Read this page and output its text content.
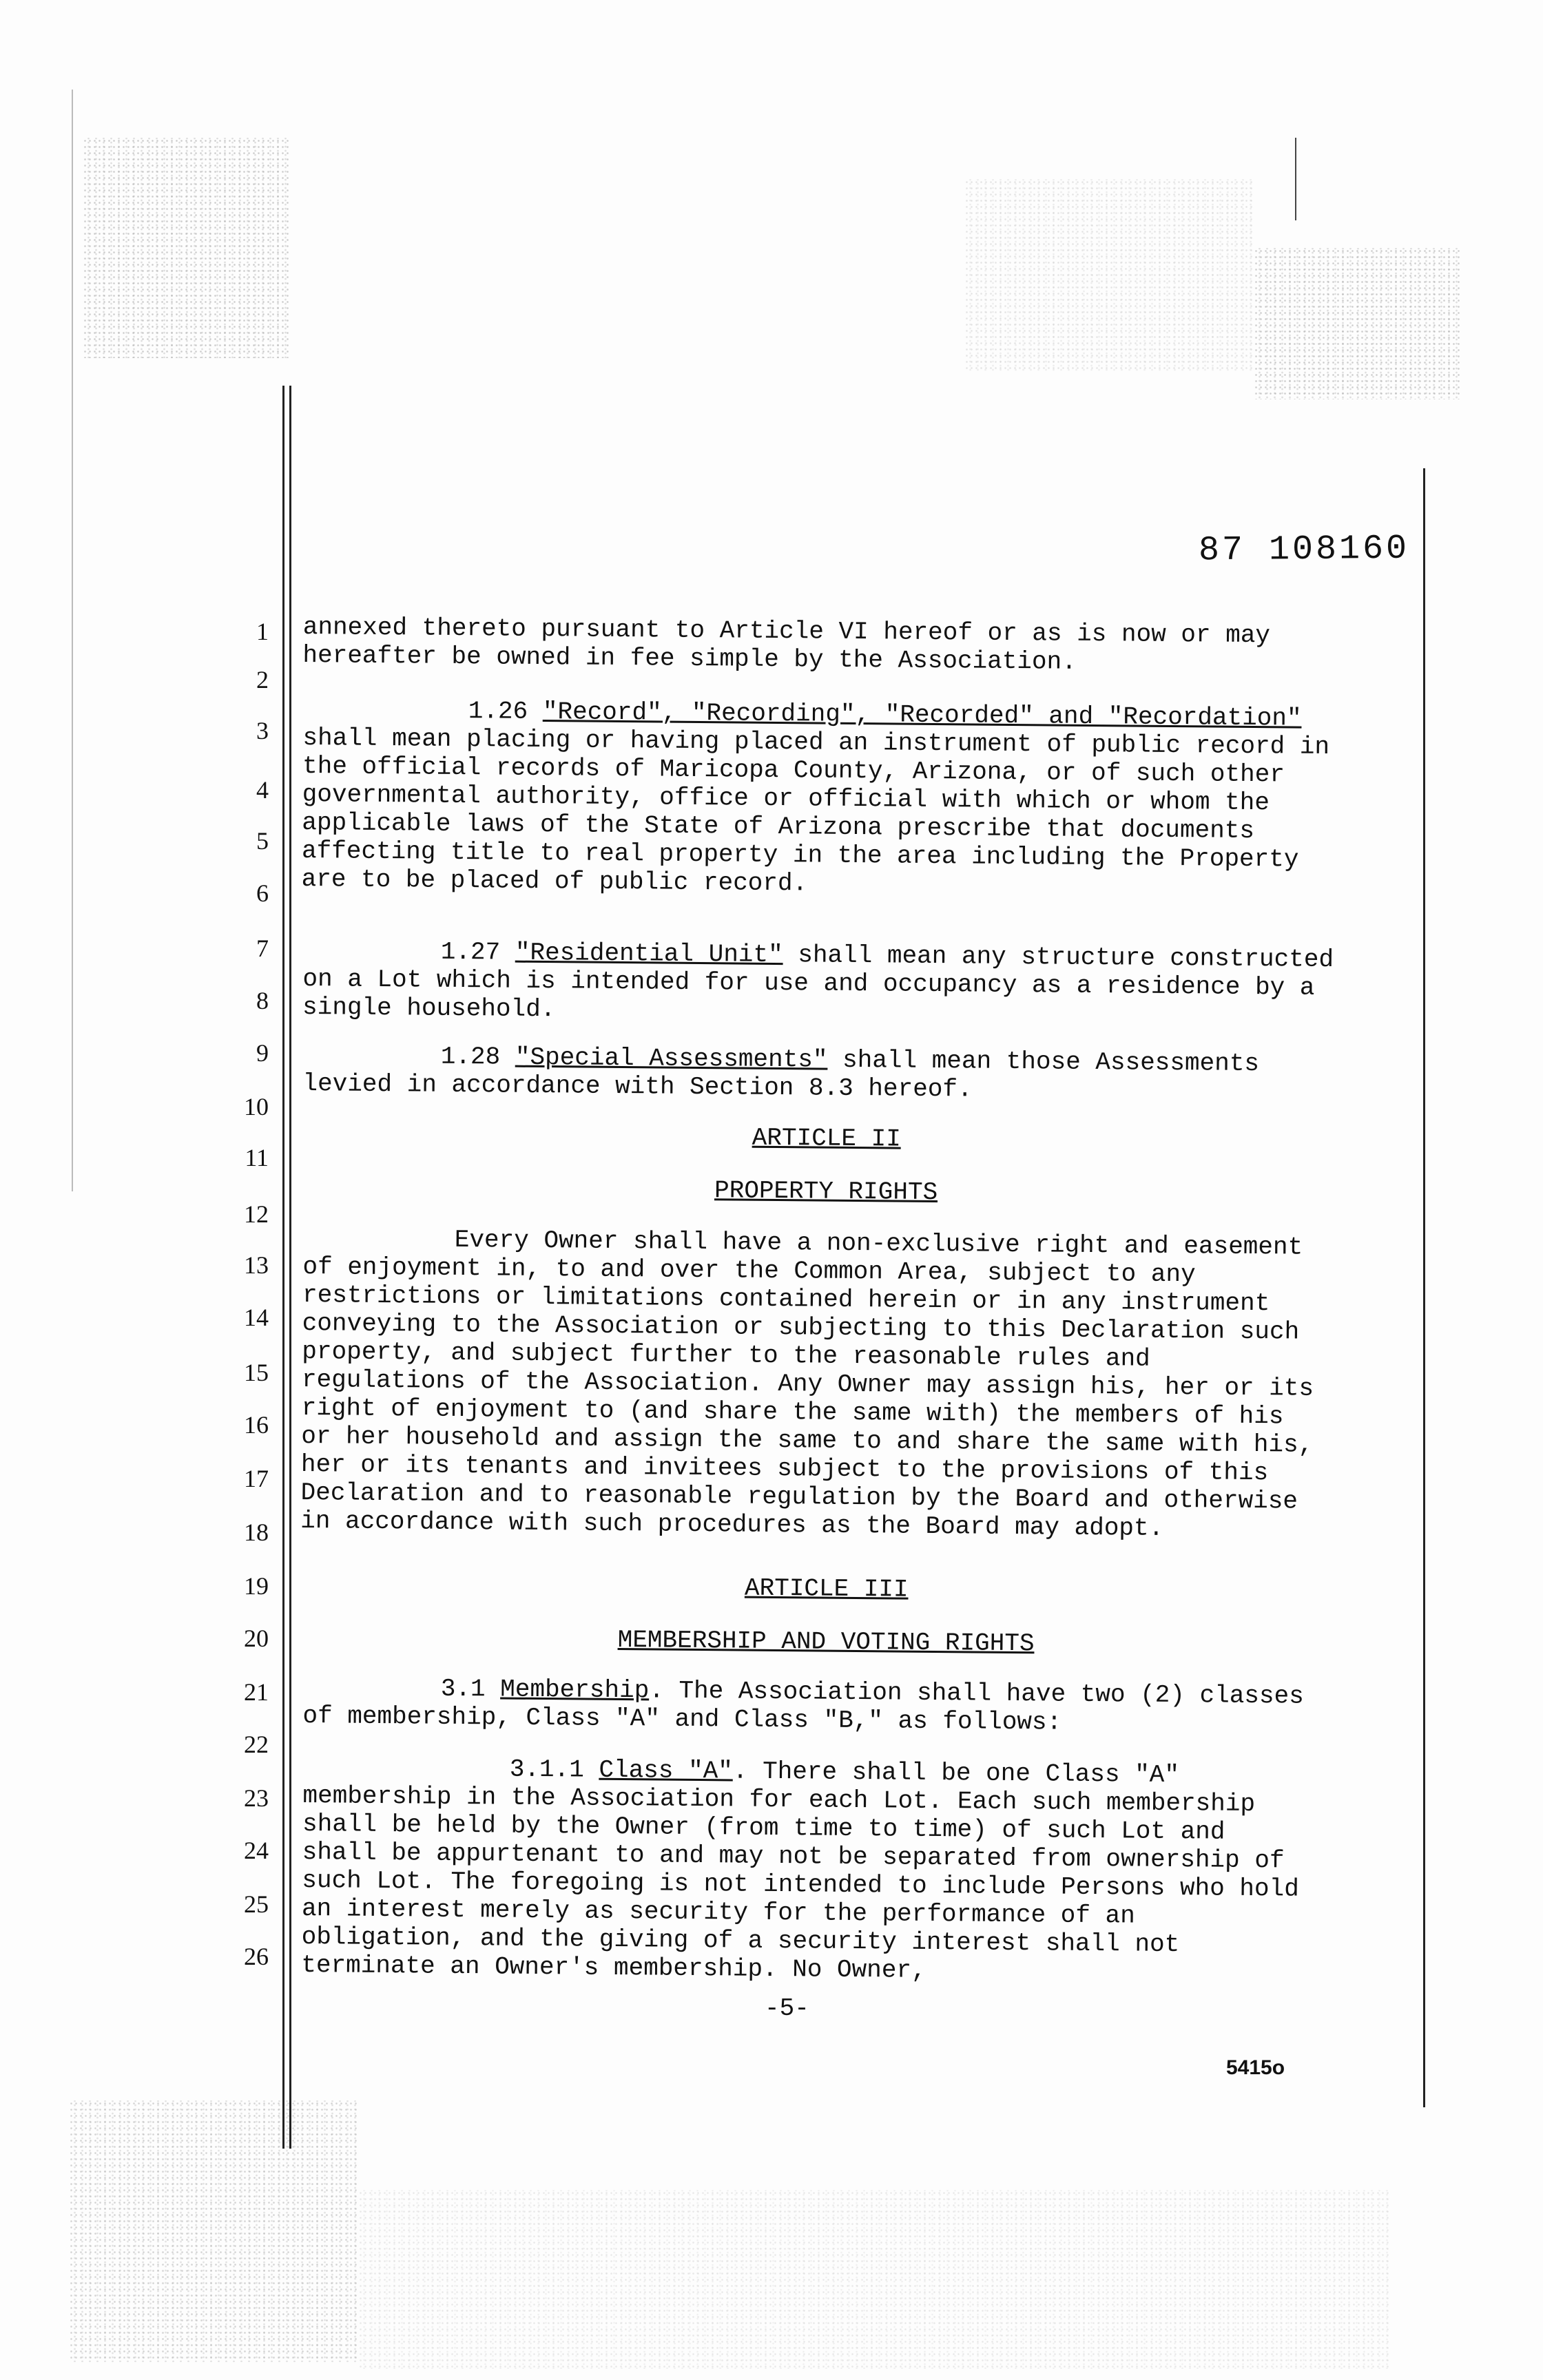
87 108160
1
2
3
4
5
6
7
8
9
10
11
12
13
14
15
16
17
18
19
20
21
22
23
24
25
26

annexed thereto pursuant to Article VI hereof or as is now or may hereafter be owned in fee simple by the Association.

1.26 "Record", "Recording", "Recorded" and "Recordation" shall mean placing or having placed an instrument of public record in the official records of Maricopa County, Arizona, or of such other governmental authority, office or official with which or whom the applicable laws of the State of Arizona prescribe that documents affecting title to real property in the area including the Property are to be placed of public record.

1.27 "Residential Unit" shall mean any structure constructed on a Lot which is intended for use and occupancy as a residence by a single household.

1.28 "Special Assessments" shall mean those Assessments levied in accordance with Section 8.3 hereof.

ARTICLE II

PROPERTY RIGHTS

Every Owner shall have a non-exclusive right and easement of enjoyment in, to and over the Common Area, subject to any restrictions or limitations contained herein or in any instrument conveying to the Association or subjecting to this Declaration such property, and subject further to the reasonable rules and regulations of the Association. Any Owner may assign his, her or its right of enjoyment to (and share the same with) the members of his or her household and assign the same to and share the same with his, her or its tenants and invitees subject to the provisions of this Declaration and to reasonable regulation by the Board and otherwise in accordance with such procedures as the Board may adopt.

ARTICLE III

MEMBERSHIP AND VOTING RIGHTS

3.1 Membership. The Association shall have two (2) classes of membership, Class "A" and Class "B," as follows:

3.1.1 Class "A". There shall be one Class "A" membership in the Association for each Lot. Each such membership shall be held by the Owner (from time to time) of such Lot and shall be appurtenant to and may not be separated from ownership of such Lot. The foregoing is not intended to include Persons who hold an interest merely as security for the performance of an obligation, and the giving of a security interest shall not terminate an Owner's membership. No Owner,

-5-
5415o
